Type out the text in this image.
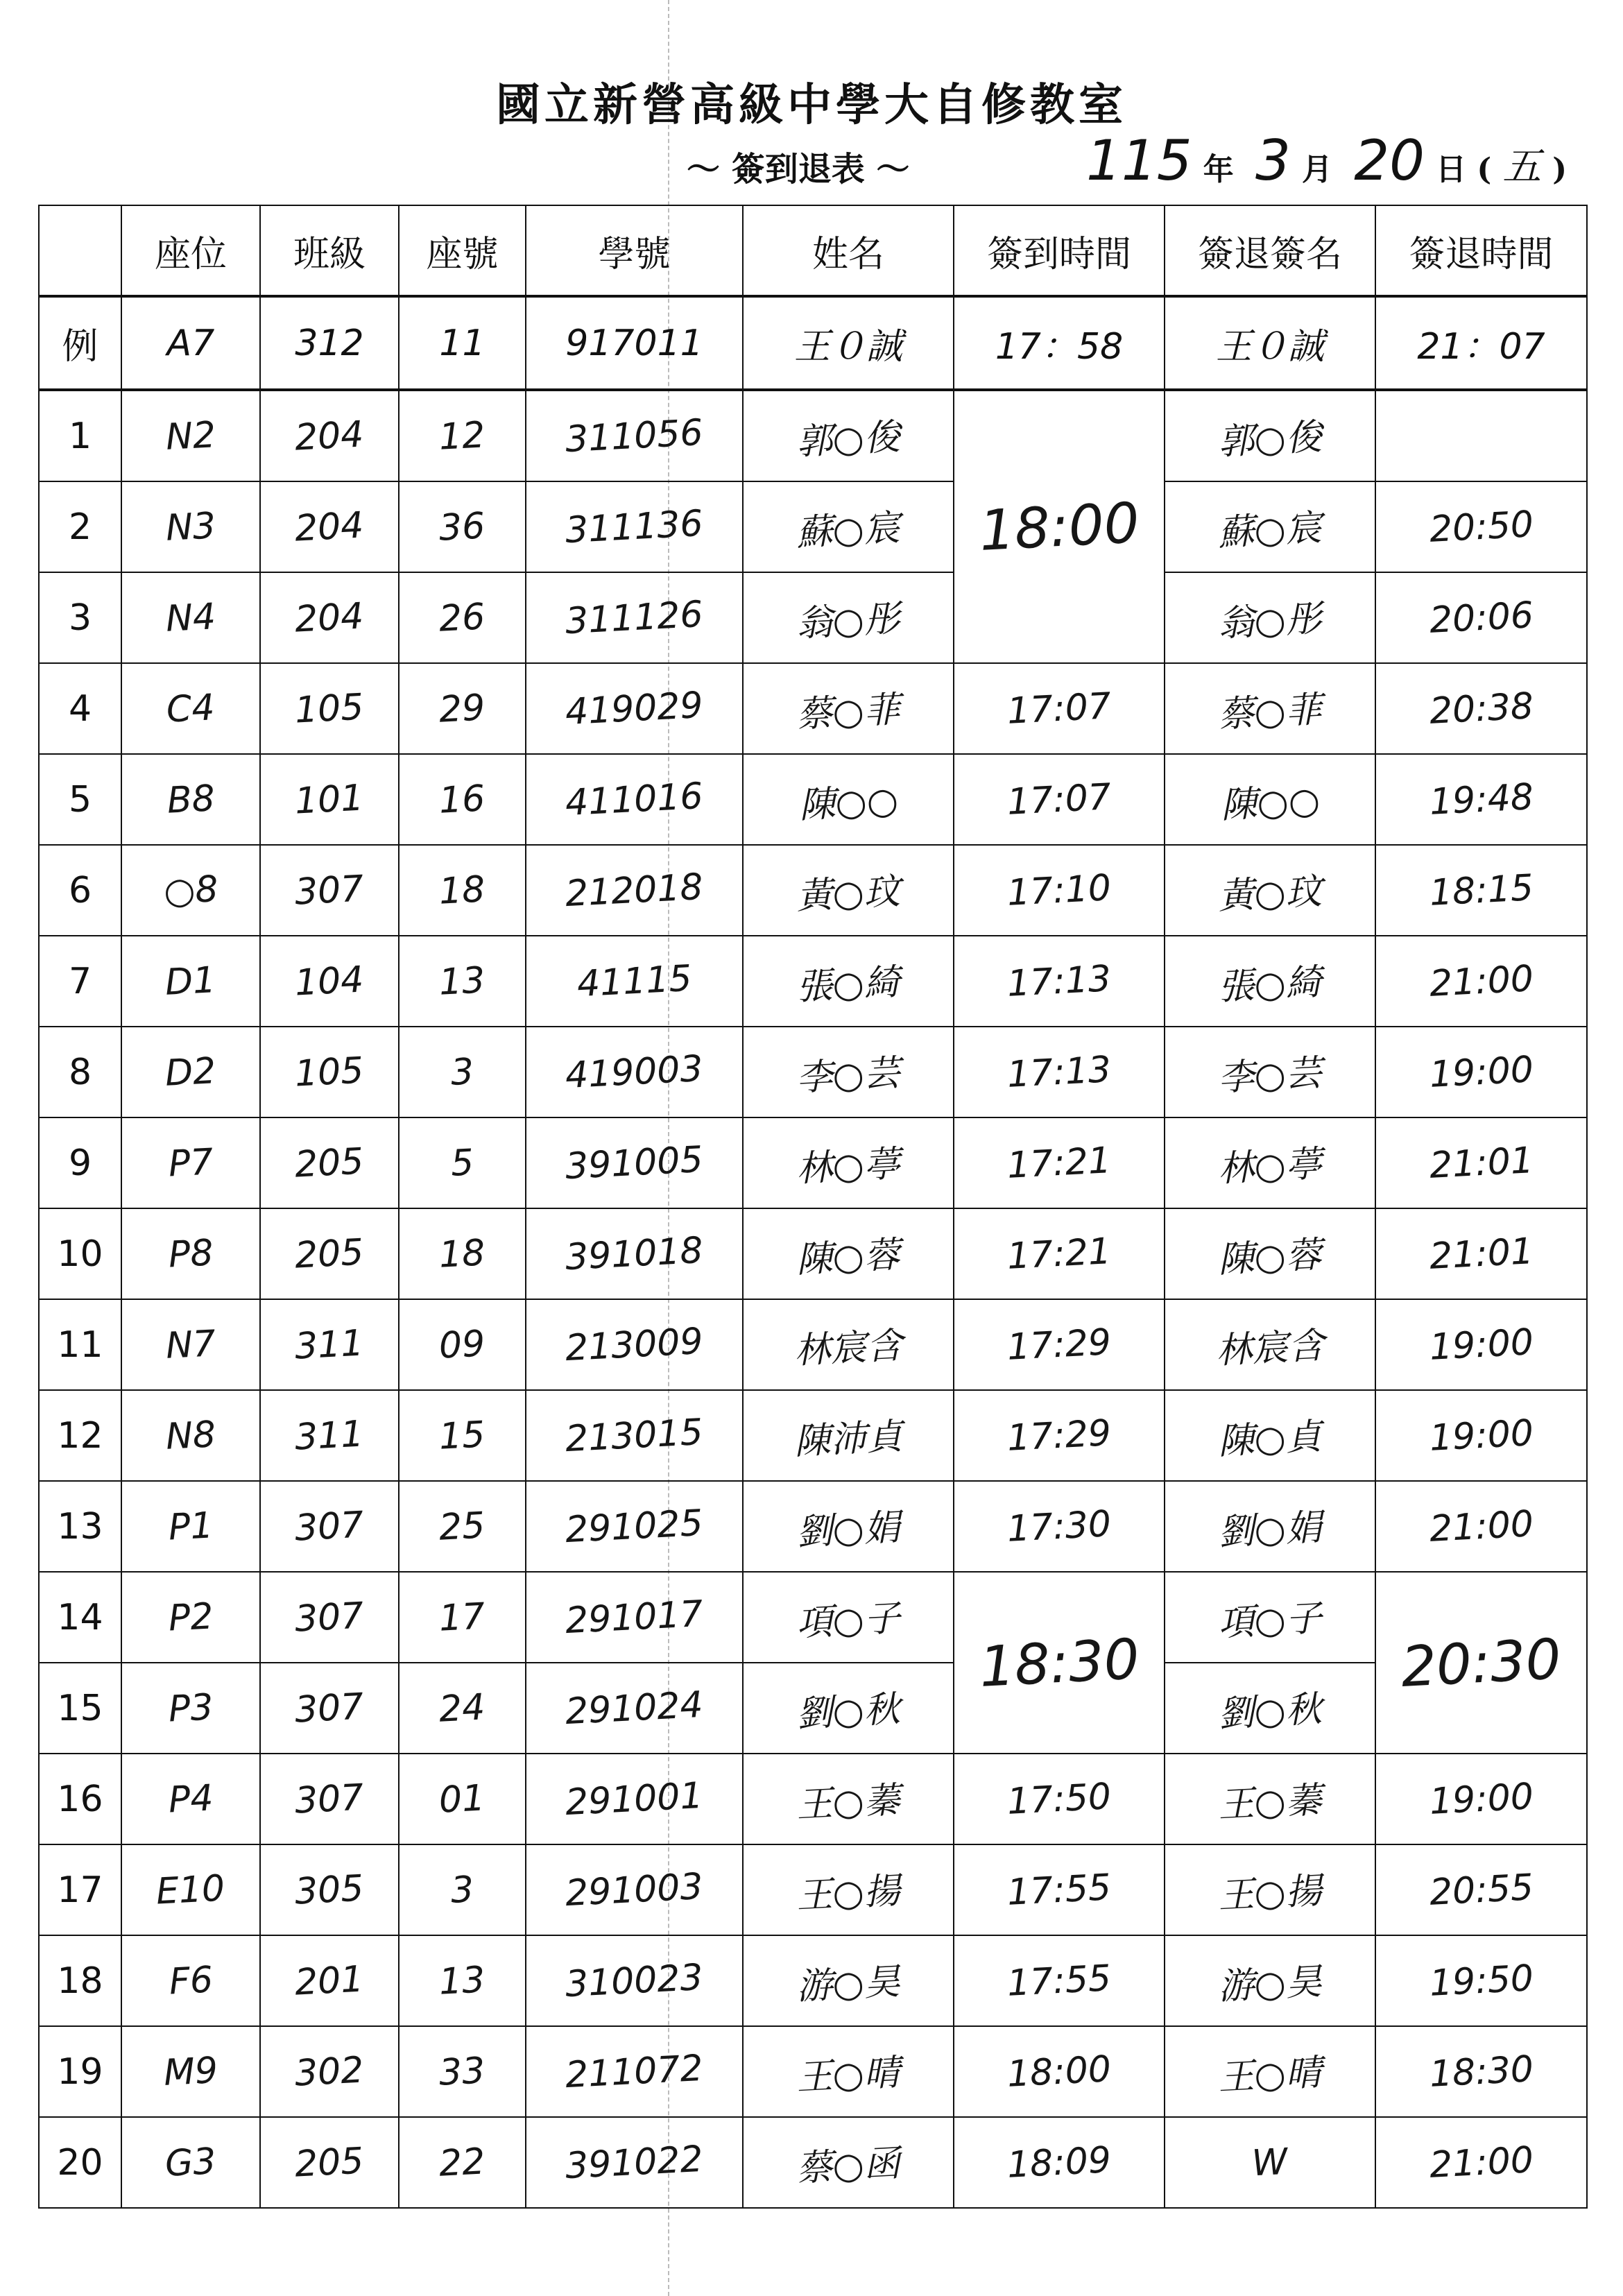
國立新營高級中學大自修教室
～ 簽到退表 ～	115 年 3 月 20 日 ( 五 )
	座位	班級	座號	學號	姓名	簽到時間	簽退簽名	簽退時間
例	A7	312	11	917011	王０誠	17：58	王０誠	21：07
1	N2	204	12	311056	郭○俊	18:00	郭○俊	
2	N3	204	36	311136	蘇○宸		蘇○宸	20:50
3	N4	204	26	311126	翁○彤		翁○彤	20:06
4	C4	105	29	419029	蔡○菲	17:07	蔡○菲	20:38
5	B8	101	16	411016	陳○○	17:07	陳○○	19:48
6	○8	307	18	212018	黃○玟	17:10	黃○玟	18:15
7	D1	104	13	41115	張○綺	17:13	張○綺	21:00
8	D2	105	3	419003	李○芸	17:13	李○芸	19:00
9	P7	205	5	391005	林○葶	17:21	林○葶	21:01
10	P8	205	18	391018	陳○蓉	17:21	陳○蓉	21:01
11	N7	311	09	213009	林宸含	17:29	林宸含	19:00
12	N8	311	15	213015	陳沛貞	17:29	陳○貞	19:00
13	P1	307	25	291025	劉○娟	17:30	劉○娟	21:00
14	P2	307	17	291017	項○子	18:30	項○子	20:30
15	P3	307	24	291024	劉○秋		劉○秋	
16	P4	307	01	291001	王○蓁	17:50	王○蓁	19:00
17	E10	305	3	291003	王○揚	17:55	王○揚	20:55
18	F6	201	13	310023	游○昊	17:55	游○昊	19:50
19	M9	302	33	211072	王○晴	18:00	王○晴	18:30
20	G3	205	22	391022	蔡○函	18:09	W	21:00
